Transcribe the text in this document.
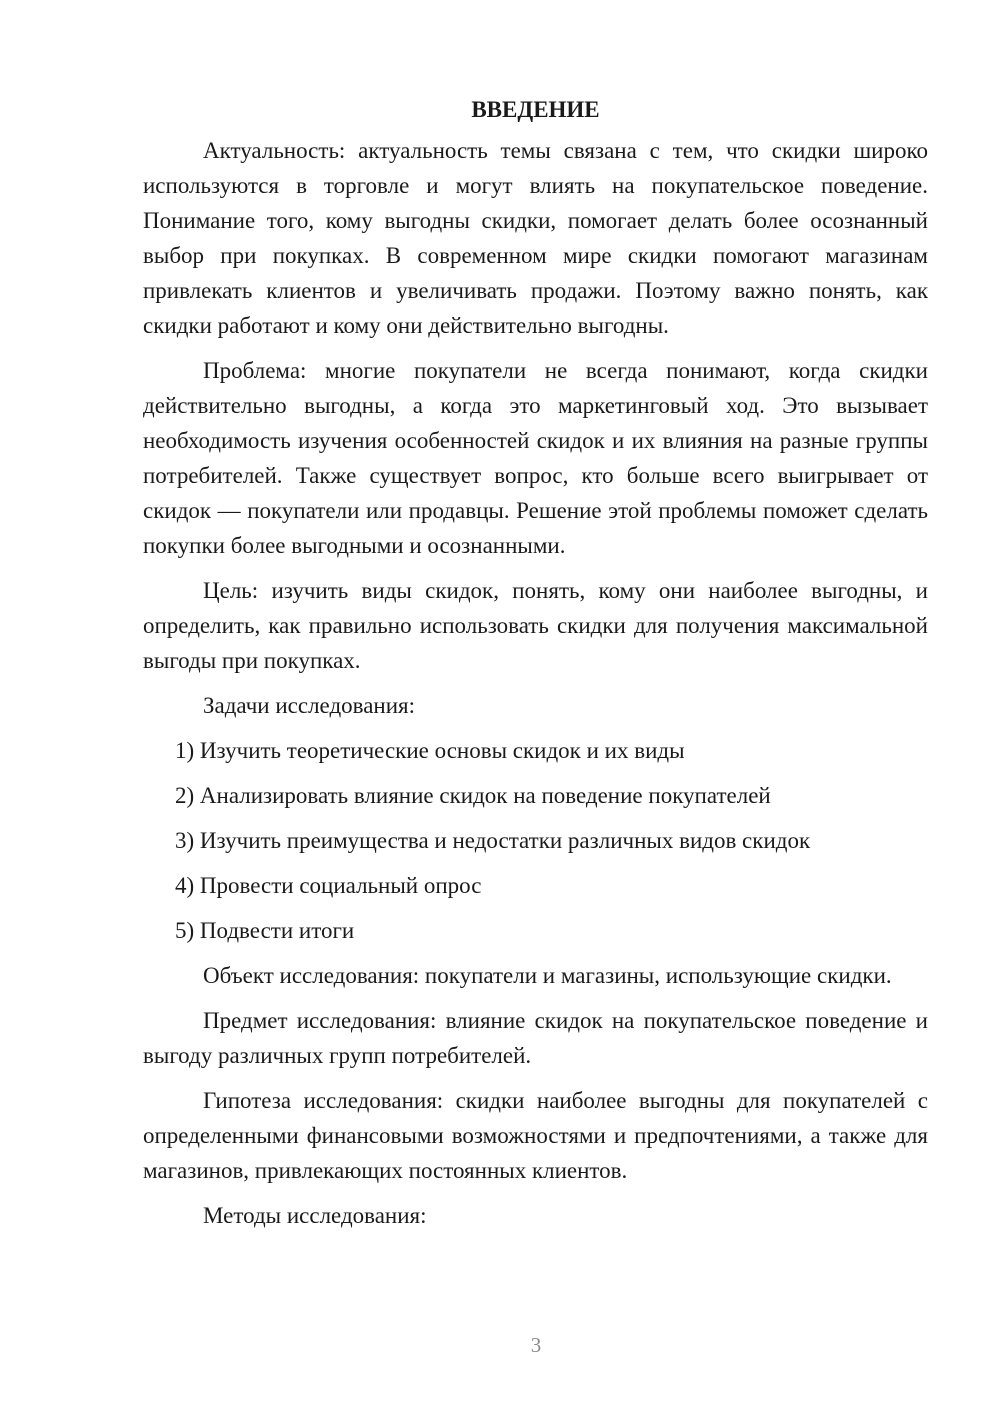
ВВЕДЕНИЕ

Актуальность: актуальность темы связана с тем, что скидки широко используются в торговле и могут влиять на покупательское поведение. Понимание того, кому выгодны скидки, помогает делать более осознанный выбор при покупках. В современном мире скидки помогают магазинам привлекать клиентов и увеличивать продажи. Поэтому важно понять, как скидки работают и кому они действительно выгодны.

Проблема: многие покупатели не всегда понимают, когда скидки действительно выгодны, а когда это маркетинговый ход. Это вызывает необходимость изучения особенностей скидок и их влияния на разные группы потребителей. Также существует вопрос, кто больше всего выигрывает от скидок — покупатели или продавцы. Решение этой проблемы поможет сделать покупки более выгодными и осознанными.

Цель: изучить виды скидок, понять, кому они наиболее выгодны, и определить, как правильно использовать скидки для получения максимальной выгоды при покупках.

Задачи исследования:

1) Изучить теоретические основы скидок и их виды
2) Анализировать влияние скидок на поведение покупателей
3) Изучить преимущества и недостатки различных видов скидок
4) Провести социальный опрос
5) Подвести итоги

Объект исследования: покупатели и магазины, использующие скидки.

Предмет исследования: влияние скидок на покупательское поведение и выгоду различных групп потребителей.

Гипотеза исследования: скидки наиболее выгодны для покупателей с определенными финансовыми возможностями и предпочтениями, а также для магазинов, привлекающих постоянных клиентов.

Методы исследования:

3
